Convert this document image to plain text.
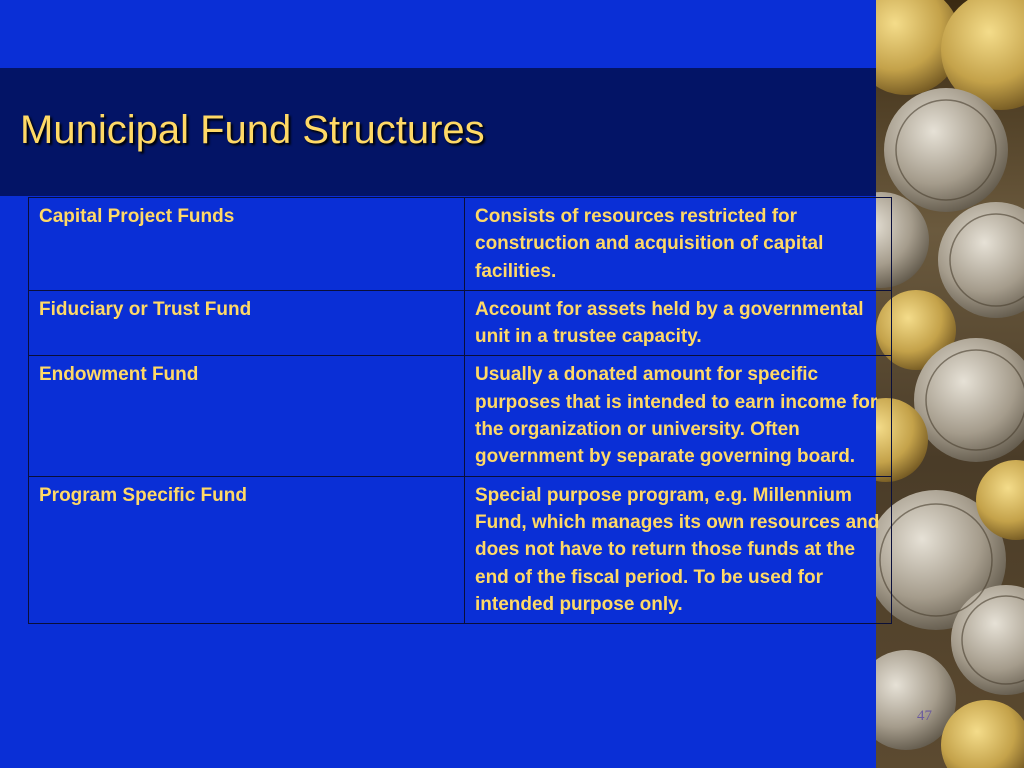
Municipal Fund Structures
Capital Project Funds	Consists of resources restricted for construction and acquisition of capital facilities.
Fiduciary or Trust Fund	Account for assets held by a governmental unit in a trustee capacity.
Endowment Fund	Usually a donated amount for specific purposes that is intended to earn income for the organization or university. Often government by separate governing board.
Program Specific Fund	Special purpose program, e.g. Millennium Fund, which manages its own resources and does not have to return those funds at the end of the fiscal period. To be used for intended purpose only.
47
